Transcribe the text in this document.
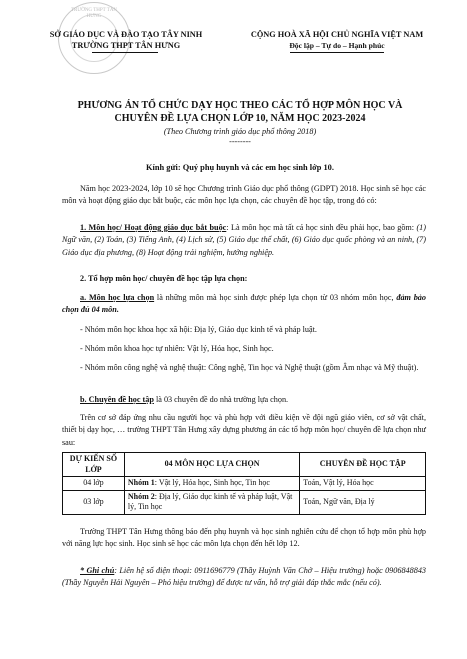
TRƯỜNG THPT TÂN HƯNG
SỞ GIÁO DỤC VÀ ĐÀO TẠO TÂY NINH
TRƯỜNG THPT TÂN HƯNG
CỘNG HOÀ XÃ HỘI CHỦ NGHĨA VIỆT NAM
Độc lập – Tự do – Hạnh phúc
PHƯƠNG ÁN TỔ CHỨC DẠY HỌC THEO CÁC TỔ HỢP MÔN HỌC VÀ
CHUYÊN ĐỀ LỰA CHỌN LỚP 10, NĂM HỌC 2023-2024
(Theo Chương trình giáo dục phổ thông 2018)
--------
Kính gửi: Quý phụ huynh và các em học sinh lớp 10.
Năm học 2023-2024, lớp 10 sẽ học Chương trình Giáo dục phổ thông (GDPT) 2018. Học sinh sẽ học các môn và hoạt động giáo dục bắt buộc, các môn học lựa chọn, các chuyên đề học tập, trong đó có:
1. Môn học/ Hoạt động giáo dục bắt buộc: Là môn học mà tất cả học sinh đều phải học, bao gồm: (1) Ngữ văn, (2) Toán, (3) Tiếng Anh, (4) Lịch sử, (5) Giáo dục thể chất, (6) Giáo dục quốc phòng và an ninh, (7) Giáo dục địa phương, (8) Hoạt động trải nghiệm, hướng nghiệp.
2. Tổ hợp môn học/ chuyên đề học tập lựa chọn:
a. Môn học lựa chọn là những môn mà học sinh được phép lựa chọn từ 03 nhóm môn học, đảm bảo chọn đủ 04 môn.
- Nhóm môn học khoa học xã hội: Địa lý, Giáo dục kinh tế và pháp luật.
- Nhóm môn khoa học tự nhiên: Vật lý, Hóa học, Sinh học.
- Nhóm môn công nghệ và nghệ thuật: Công nghệ, Tin học và Nghệ thuật (gồm Âm nhạc và Mỹ thuật).
b. Chuyên đề học tập là 03 chuyên đề do nhà trường lựa chọn.
Trên cơ sở đáp ứng nhu cầu người học và phù hợp với điều kiện về đội ngũ giáo viên, cơ sở vật chất, thiết bị dạy học, … trường THPT Tân Hưng xây dựng phương án các tổ hợp môn học/ chuyên đề lựa chọn như sau:
DỰ KIẾN SỐ LỚP	04 MÔN HỌC LỰA CHỌN	CHUYÊN ĐỀ HỌC TẬP
04 lớp	Nhóm 1: Vật lý, Hóa học, Sinh học, Tin học	Toán, Vật lý, Hóa học
03 lớp	Nhóm 2: Địa lý, Giáo dục kinh tế và pháp luật, Vật lý, Tin học	Toán, Ngữ văn, Địa lý
Trường THPT Tân Hưng thông báo đến phụ huynh và học sinh nghiên cứu để chọn tổ hợp môn phù hợp với năng lực học sinh. Học sinh sẽ học các môn lựa chọn đến hết lớp 12.
* Ghi chú: Liên hệ số điện thoại: 0911696779 (Thầy Huỳnh Văn Chớ – Hiệu trưởng) hoặc 0906848843 (Thầy Nguyễn Hải Nguyên – Phó hiệu trưởng) để được tư vấn, hỗ trợ giải đáp thắc mắc (nếu có).
